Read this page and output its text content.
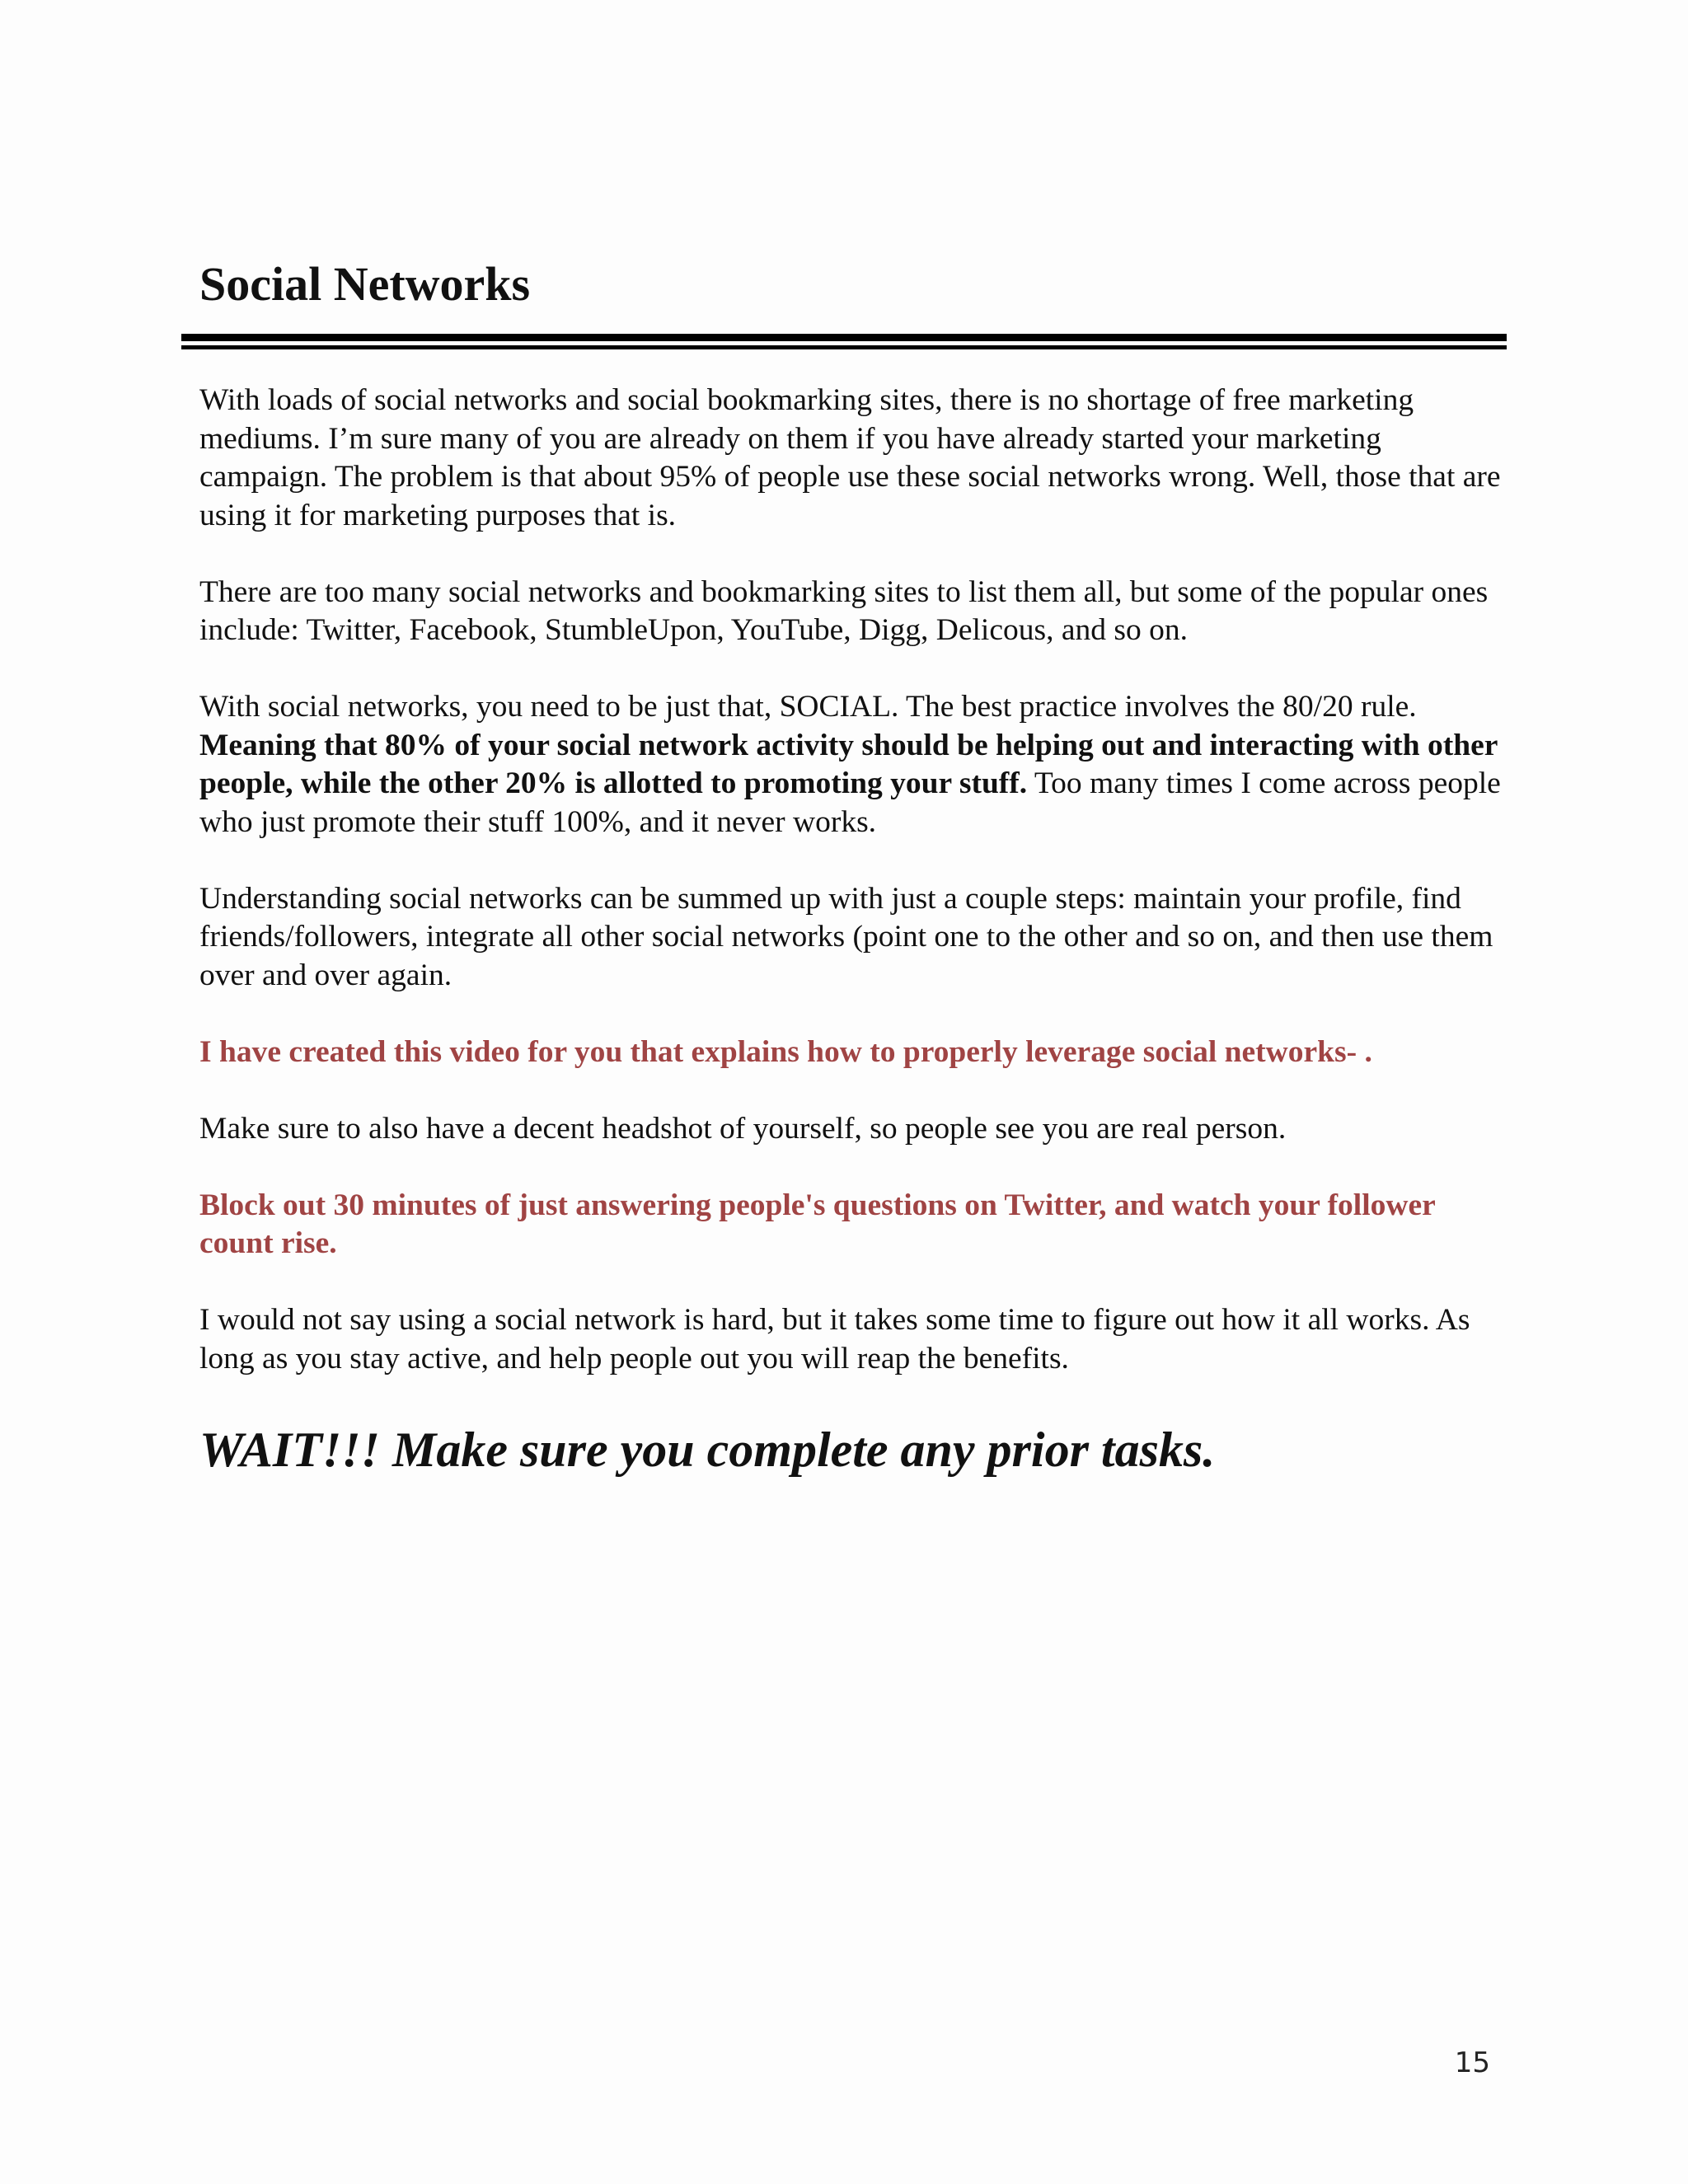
Social Networks

With loads of social networks and social bookmarking sites, there is no shortage of free marketing mediums. I’m sure many of you are already on them if you have already started your marketing campaign. The problem is that about 95% of people use these social networks wrong. Well, those that are using it for marketing purposes that is.

There are too many social networks and bookmarking sites to list them all, but some of the popular ones include: Twitter, Facebook, StumbleUpon, YouTube, Digg, Delicous, and so on.

With social networks, you need to be just that, SOCIAL. The best practice involves the 80/20 rule. Meaning that 80% of your social network activity should be helping out and interacting with other people, while the other 20% is allotted to promoting your stuff. Too many times I come across people who just promote their stuff 100%, and it never works.

Understanding social networks can be summed up with just a couple steps: maintain your profile, find friends/followers, integrate all other social networks (point one to the other and so on, and then use them over and over again.

I have created this video for you that explains how to properly leverage social networks- .

Make sure to also have a decent headshot of yourself, so people see you are real person.

Block out 30 minutes of just answering people's questions on Twitter, and watch your follower count rise.

I would not say using a social network is hard, but it takes some time to figure out how it all works. As long as you stay active, and help people out you will reap the benefits.

WAIT!!! Make sure you complete any prior tasks.

15
